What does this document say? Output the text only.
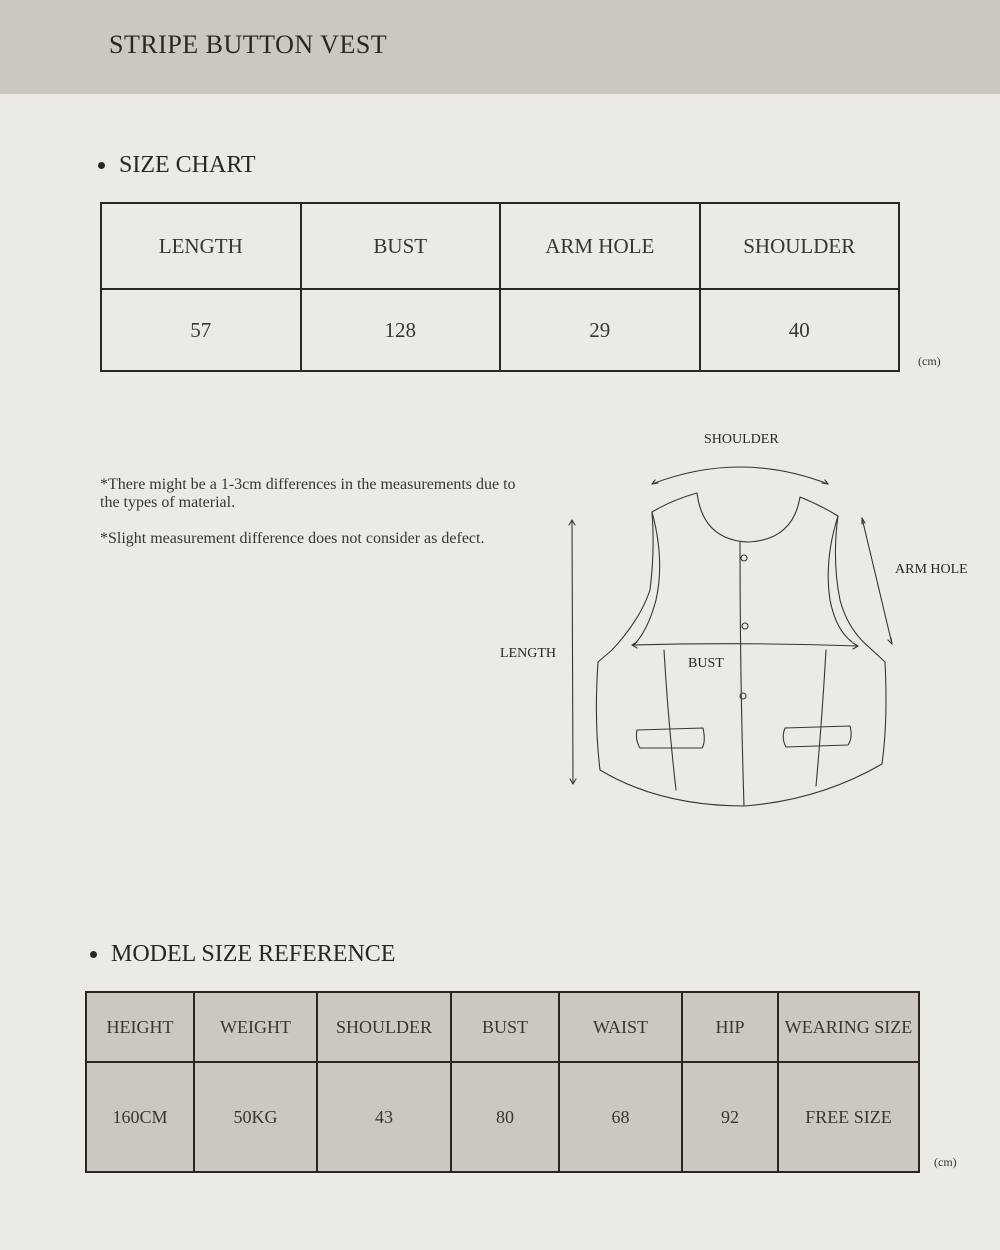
STRIPE BUTTON VEST
SIZE CHART
LENGTH	BUST	ARM HOLE	SHOULDER
57	128	29	40
(cm)

*There might be a 1-3cm differences in the measurements due to the types of material.

*Slight measurement difference does not consider as defect.

SHOULDER
ARM HOLE
LENGTH
BUST
MODEL SIZE REFERENCE
HEIGHT	WEIGHT	SHOULDER	BUST	WAIST	HIP	WEARING SIZE
160CM	50KG	43	80	68	92	FREE SIZE
(cm)
